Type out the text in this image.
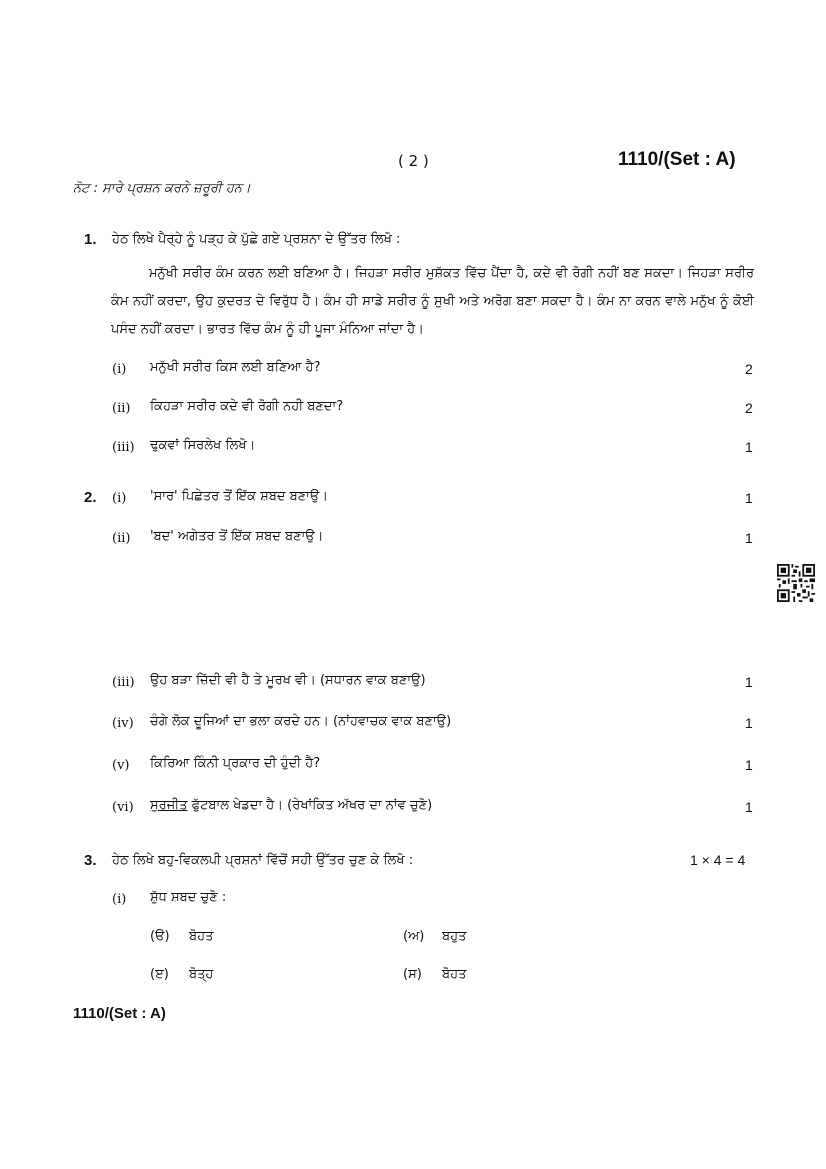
( 2 )	1110/(Set : A)
ਨੋਟ : ਸਾਰੇ ਪ੍ਰਸ਼ਨ ਕਰਨੇ ਜ਼ਰੂਰੀ ਹਨ।
1. ਹੇਠ ਲਿਖੇ ਪੈਰ੍ਹੇ ਨੂੰ ਪੜ੍ਹ ਕੇ ਪੁੱਛੇ ਗਏ ਪ੍ਰਸ਼ਨਾ ਦੇ ਉੱਤਰ ਲਿਖੋ :
ਮਨੁੱਖੀ ਸਰੀਰ ਕੰਮ ਕਰਨ ਲਈ ਬਣਿਆ ਹੈ। ਜਿਹੜਾ ਸਰੀਰ ਮੁਸ਼ੱਕਤ ਵਿੱਚ ਪੈਂਦਾ ਹੈ, ਕਦੇ ਵੀ ਰੋਗੀ ਨਹੀਂ ਬਣ ਸਕਦਾ। ਜਿਹੜਾ ਸਰੀਰ ਕੰਮ ਨਹੀਂ ਕਰਦਾ, ਉਹ ਕੁਦਰਤ ਦੇ ਵਿਰੁੱਧ ਹੈ। ਕੰਮ ਹੀ ਸਾਡੇ ਸਰੀਰ ਨੂੰ ਸੁਖੀ ਅਤੇ ਅਰੋਗ ਬਣਾ ਸਕਦਾ ਹੈ। ਕੰਮ ਨਾ ਕਰਨ ਵਾਲੇ ਮਨੁੱਖ ਨੂੰ ਕੋਈ ਪਸੰਦ ਨਹੀਂ ਕਰਦਾ। ਭਾਰਤ ਵਿੱਚ ਕੰਮ ਨੂੰ ਹੀ ਪੂਜਾ ਮੰਨਿਆ ਜਾਂਦਾ ਹੈ।
(i) ਮਨੁੱਖੀ ਸਰੀਰ ਕਿਸ ਲਈ ਬਣਿਆ ਹੈ?	2
(ii) ਕਿਹੜਾ ਸਰੀਰ ਕਦੇ ਵੀ ਰੋਗੀ ਨਹੀ ਬਣਦਾ?	2
(iii) ਢੁਕਵਾਂ ਸਿਰਲੇਖ ਲਿਖੋ।	1
2. (i) 'ਸਾਰ' ਪਿਛੇਤਰ ਤੋਂ ਇੱਕ ਸ਼ਬਦ ਬਣਾਉ।	1
(ii) 'ਬਦ' ਅਗੇਤਰ ਤੋਂ ਇੱਕ ਸ਼ਬਦ ਬਣਾਉ।	1
(iii) ਉਹ ਬੜਾ ਜ਼ਿੱਦੀ ਵੀ ਹੈ ਤੇ ਮੂਰਖ ਵੀ। (ਸਧਾਰਨ ਵਾਕ ਬਣਾਉ)	1
(iv) ਚੰਗੇ ਲੋਕ ਦੂਜਿਆਂ ਦਾ ਭਲਾ ਕਰਦੇ ਹਨ। (ਨਾਂਹਵਾਚਕ ਵਾਕ ਬਣਾਉ)	1
(v) ਕਿਰਿਆ ਕਿੰਨੀ ਪ੍ਰਕਾਰ ਦੀ ਹੁੰਦੀ ਹੈ?	1
(vi) ਸੁਰਜੀਤ ਫੁੱਟਬਾਲ ਖੇਡਦਾ ਹੈ। (ਰੇਖਾਂਕਿਤ ਅੱਖਰ ਦਾ ਨਾਂਵ ਚੁਣੋ)	1
3. ਹੇਠ ਲਿਖੇ ਬਹੁ-ਵਿਕਲਪੀ ਪ੍ਰਸ਼ਨਾਂ ਵਿੱਚੋਂ ਸਹੀ ਉੱਤਰ ਚੁਣ ਕੇ ਲਿਖੋ :	1 × 4 = 4
(i) ਸ਼ੁੱਧ ਸ਼ਬਦ ਚੁਣੋ :
(ੳ) ਬੋਹਤ	(ਅ) ਬਹੁਤ
(ੲ) ਬੋਤ੍ਹ	(ਸ) ਬੋਹਤ
1110/(Set : A)
